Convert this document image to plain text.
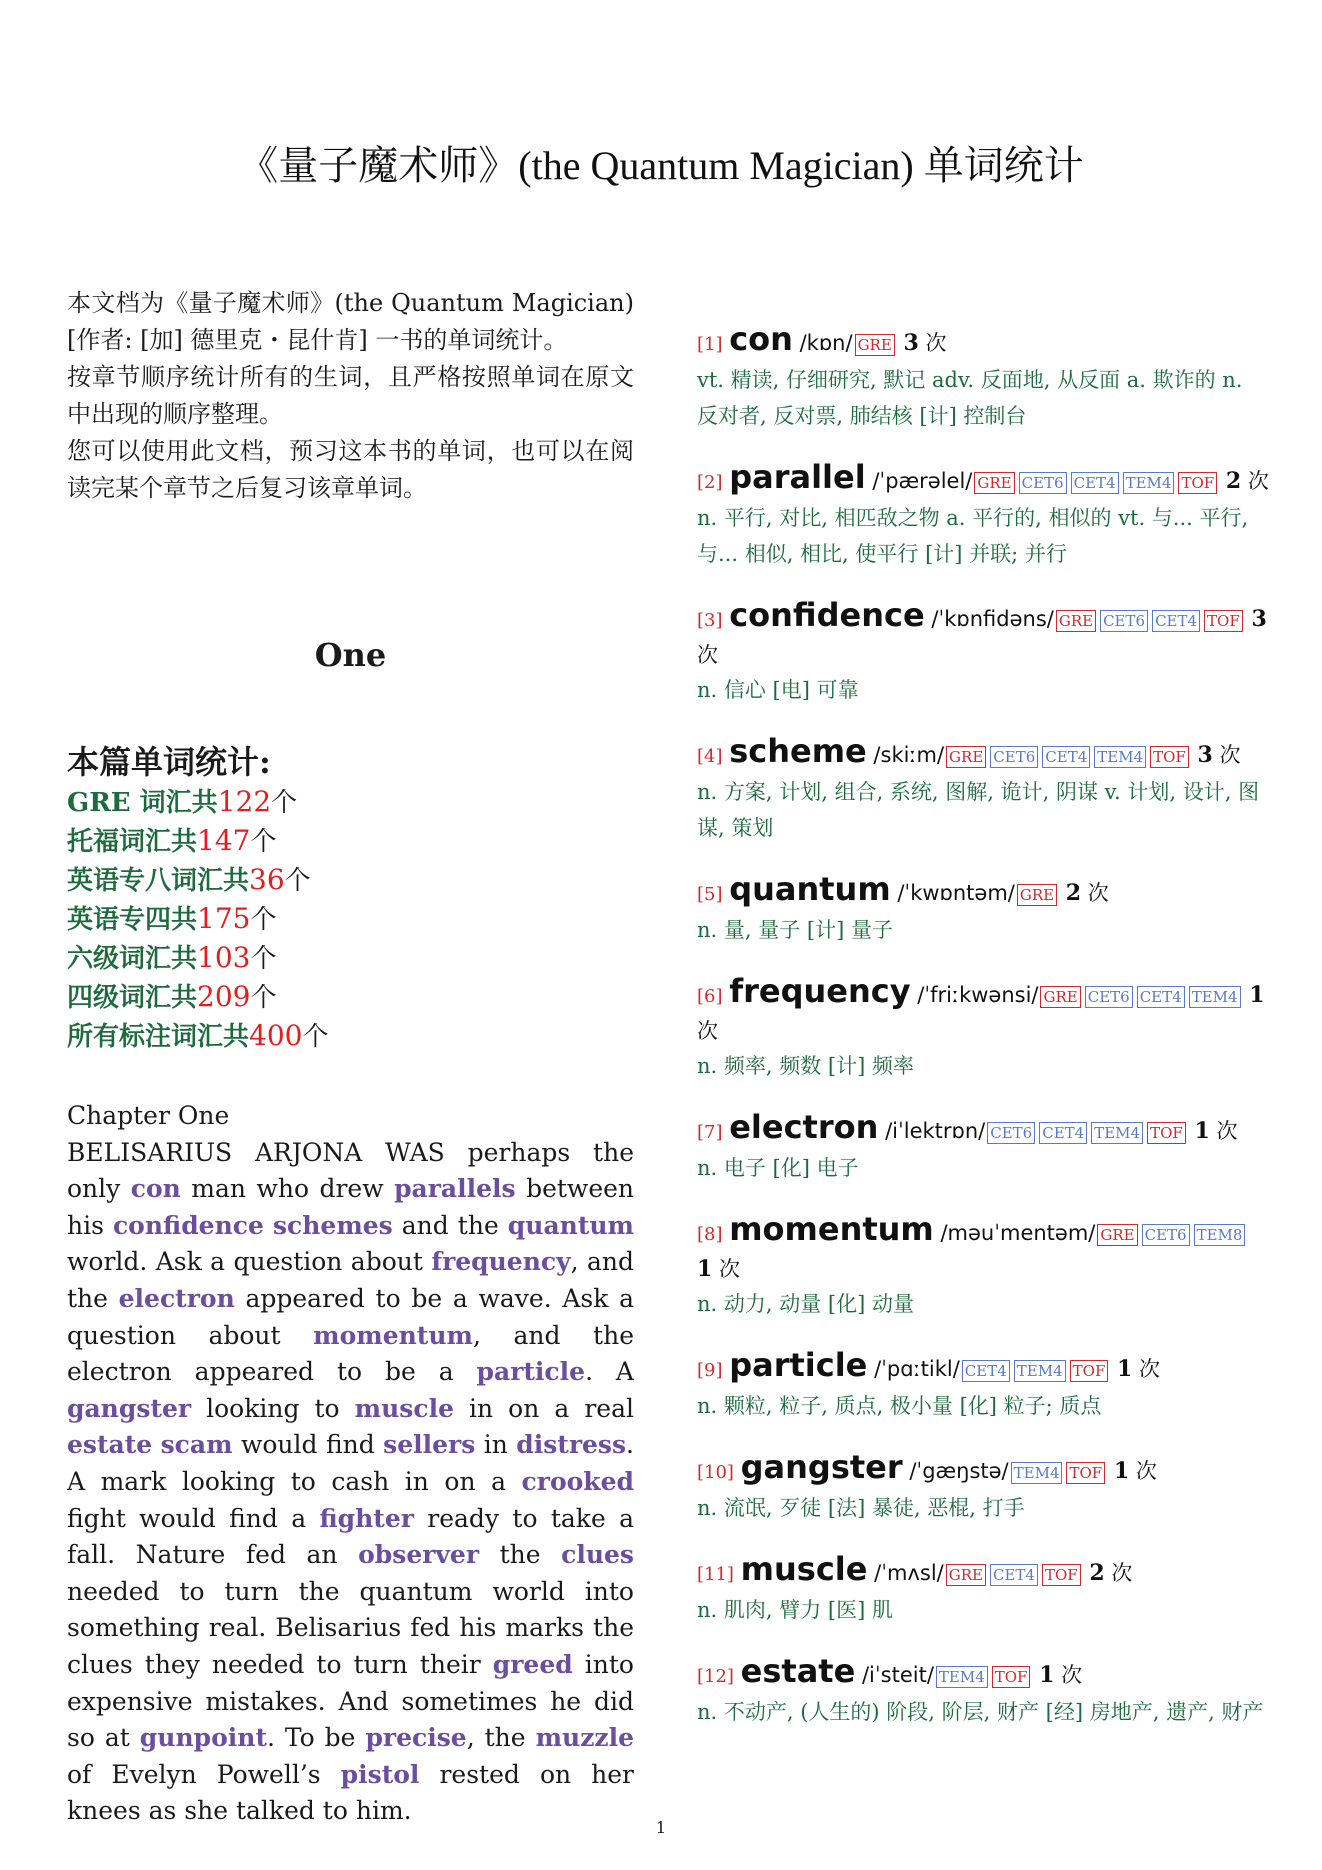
《量子魔术师》(the Quantum Magician) 单词统计

本文档为《量子魔术师》(the Quantum Magician)[作者: [加] 德里克・昆什肯] 一书的单词统计。

按章节顺序统计所有的生词，且严格按照单词在原文中出现的顺序整理。

您可以使用此文档，预习这本书的单词，也可以在阅读完某个章节之后复习该章单词。

One
本篇单词统计:
GRE 词汇共122个
托福词汇共147个
英语专八词汇共36个
英语专四共175个
六级词汇共103个
四级词汇共209个
所有标注词汇共400个
Chapter One
BELISARIUS ARJONA WAS perhaps the only con man who drew parallels between his confidence schemes and the quantum world. Ask a question about frequency, and the electron appeared to be a wave. Ask a question about momentum, and the electron appeared to be a particle. A gangster looking to muscle in on a real estate scam would find sellers in distress. A mark looking to cash in on a crooked fight would find a fighter ready to take a fall. Nature fed an observer the clues needed to turn the quantum world into something real. Belisarius fed his marks the clues they needed to turn their greed into expensive mistakes. And sometimes he did so at gunpoint. To be precise, the muzzle of Evelyn Powell’s pistol rested on her knees as she talked to him.
[1] con /kɒn/ GRE 3 次

vt. 精读, 仔细研究, 默记 adv. 反面地, 从反面 a. 欺诈的 n. 反对者, 反对票, 肺结核 [计] 控制台

[2] parallel /ˈpærəlel/ GRE CET6 CET4 TEM4 TOF 2 次

n. 平行, 对比, 相匹敌之物 a. 平行的, 相似的 vt. 与... 平行, 与... 相似, 相比, 使平行 [计] 并联; 并行

[3] confidence /ˈkɒnfidəns/ GRE CET6 CET4 TOF 3 次

n. 信心 [电] 可靠

[4] scheme /skiːm/ GRE CET6 CET4 TEM4 TOF 3 次

n. 方案, 计划, 组合, 系统, 图解, 诡计, 阴谋 v. 计划, 设计, 图谋, 策划

[5] quantum /ˈkwɒntəm/ GRE 2 次

n. 量, 量子 [计] 量子

[6] frequency /ˈfriːkwənsi/ GRE CET6 CET4 TEM4 1 次

n. 频率, 频数 [计] 频率

[7] electron /iˈlektrɒn/ CET6 CET4 TEM4 TOF 1 次

n. 电子 [化] 电子

[8] momentum /məuˈmentəm/ GRE CET6 TEM8 1 次

n. 动力, 动量 [化] 动量

[9] particle /ˈpɑːtikl/ CET4 TEM4 TOF 1 次

n. 颗粒, 粒子, 质点, 极小量 [化] 粒子; 质点

[10] gangster /ˈgæŋstə/ TEM4 TOF 1 次

n. 流氓, 歹徒 [法] 暴徒, 恶棍, 打手

[11] muscle /ˈmʌsl/ GRE CET4 TOF 2 次

n. 肌肉, 臂力 [医] 肌

[12] estate /iˈsteit/ TEM4 TOF 1 次

n. 不动产, (人生的) 阶段, 阶层, 财产 [经] 房地产, 遗产, 财产

1
